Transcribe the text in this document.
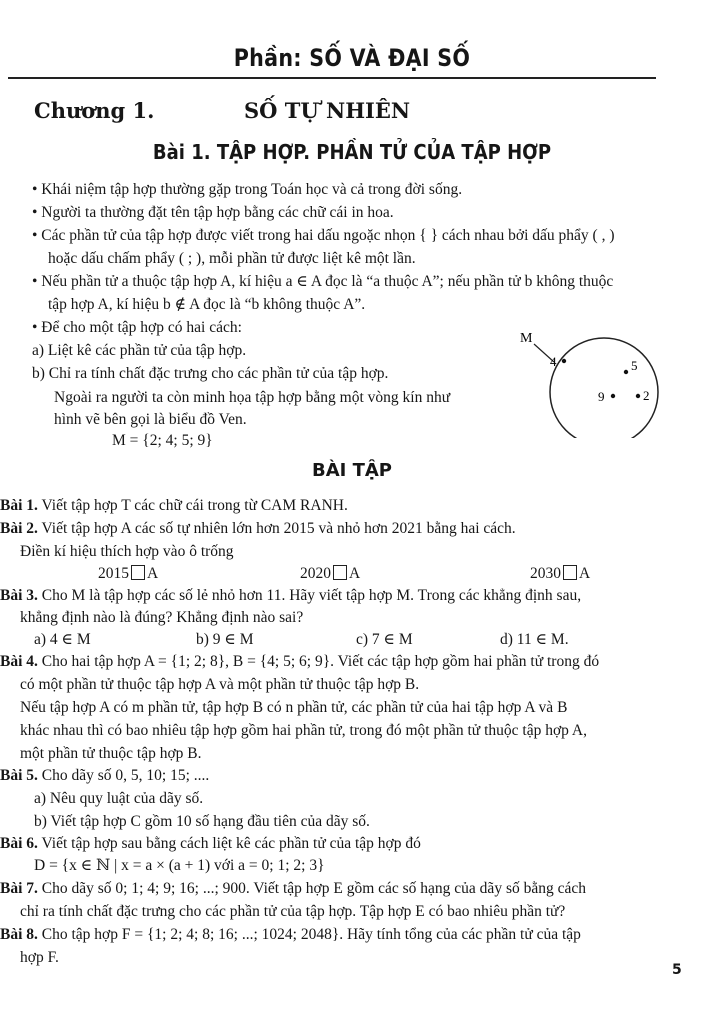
Phần: SỐ VÀ ĐẠI SỐ
Chương 1.	SỐ TỰ NHIÊN
Bài 1. TẬP HỢP. PHẦN TỬ CỦA TẬP HỢP
• Khái niệm tập hợp thường gặp trong Toán học và cả trong đời sống.
• Người ta thường đặt tên tập hợp bằng các chữ cái in hoa.
• Các phần tử của tập hợp được viết trong hai dấu ngoặc nhọn { } cách nhau bởi dấu phẩy ( , )
hoặc dấu chấm phẩy ( ; ), mỗi phần tử được liệt kê một lần.
• Nếu phần tử a thuộc tập hợp A, kí hiệu a ∈ A đọc là “a thuộc A”; nếu phần tử b không thuộc
tập hợp A, kí hiệu b ∉ A đọc là “b không thuộc A”.
• Để cho một tập hợp có hai cách:
a) Liệt kê các phần tử của tập hợp.
b) Chỉ ra tính chất đặc trưng cho các phần tử của tập hợp.
Ngoài ra người ta còn minh họa tập hợp bằng một vòng kín như
hình vẽ bên gọi là biểu đồ Ven.
M = {2; 4; 5; 9}
M
4	5
9	2
BÀI TẬP
Bài 1. Viết tập hợp T các chữ cái trong từ CAM RANH.
Bài 2. Viết tập hợp A các số tự nhiên lớn hơn 2015 và nhỏ hơn 2021 bằng hai cách.
Điền kí hiệu thích hợp vào ô trống
2015 A	2020 A	2030 A
Bài 3. Cho M là tập hợp các số lẻ nhỏ hơn 11. Hãy viết tập hợp M. Trong các khẳng định sau,
khẳng định nào là đúng? Khẳng định nào sai?
a) 4 ∈ M	b) 9 ∈ M	c) 7 ∈ M	d) 11 ∈ M.
Bài 4. Cho hai tập hợp A = {1; 2; 8}, B = {4; 5; 6; 9}. Viết các tập hợp gồm hai phần tử trong đó
có một phần tử thuộc tập hợp A và một phần tử thuộc tập hợp B.
Nếu tập hợp A có m phần tử, tập hợp B có n phần tử, các phần tử của hai tập hợp A và B
khác nhau thì có bao nhiêu tập hợp gồm hai phần tử, trong đó một phần tử thuộc tập hợp A,
một phần tử thuộc tập hợp B.
Bài 5. Cho dãy số 0, 5, 10; 15; ....
a) Nêu quy luật của dãy số.
b) Viết tập hợp C gồm 10 số hạng đầu tiên của dãy số.
Bài 6. Viết tập hợp sau bằng cách liệt kê các phần tử của tập hợp đó
D = {x ∈ ℕ | x = a × (a + 1) với a = 0; 1; 2; 3}
Bài 7. Cho dãy số 0; 1; 4; 9; 16; ...; 900. Viết tập hợp E gồm các số hạng của dãy số bằng cách
chỉ ra tính chất đặc trưng cho các phần tử của tập hợp. Tập hợp E có bao nhiêu phần tử?
Bài 8. Cho tập hợp F = {1; 2; 4; 8; 16; ...; 1024; 2048}. Hãy tính tổng của các phần tử của tập
hợp F.
5
